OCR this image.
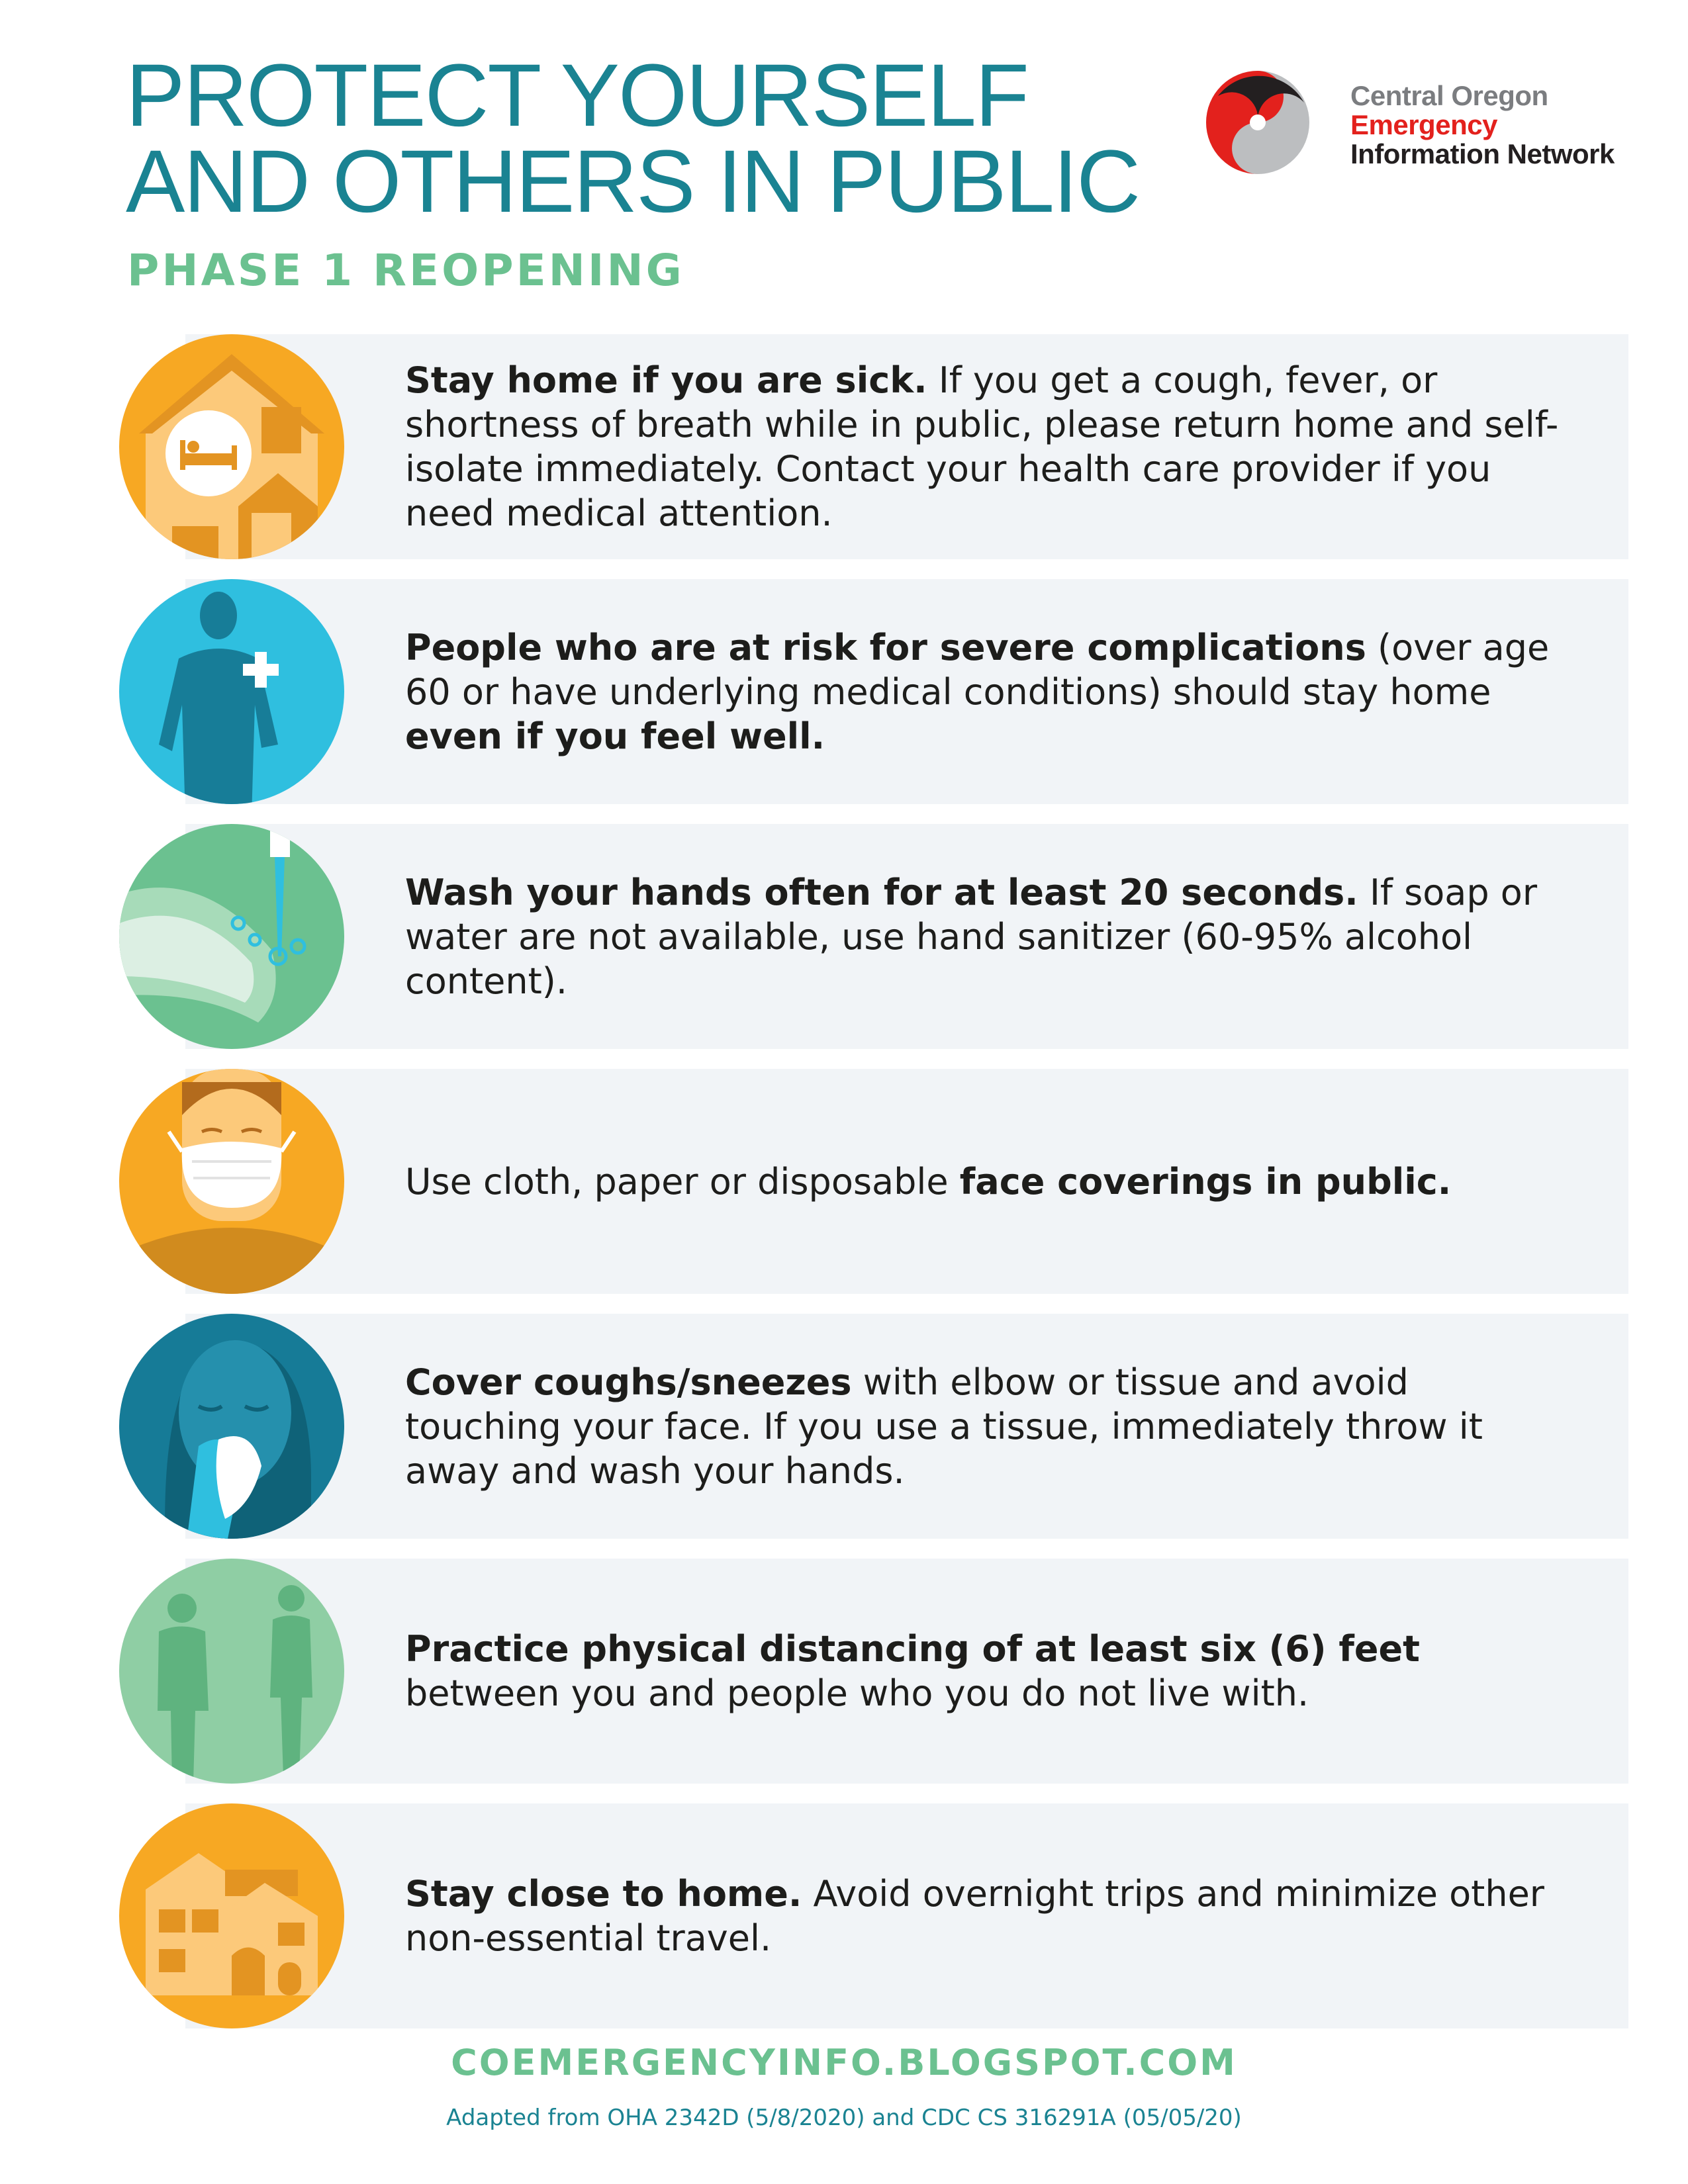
PROTECT YOURSELF
AND OTHERS IN PUBLIC
PHASE 1 REOPENING
Central Oregon
Emergency
Information Network

Stay home if you are sick. If you get a cough, fever, or shortness of breath while in public, please return home and self-isolate immediately. Contact your health care provider if you need medical attention.

People who are at risk for severe complications (over age 60 or have underlying medical conditions) should stay home even if you feel well.

Wash your hands often for at least 20 seconds. If soap or water are not available, use hand sanitizer (60-95% alcohol content).

Use cloth, paper or disposable face coverings in public.

Cover coughs/sneezes with elbow or tissue and avoid touching your face. If you use a tissue, immediately throw it away and wash your hands.

Practice physical distancing of at least six (6) feet between you and people who you do not live with.

Stay close to home. Avoid overnight trips and minimize other non-essential travel.

COEMERGENCYINFO.BLOGSPOT.COM
Adapted from OHA 2342D (5/8/2020) and CDC CS 316291A (05/05/20)
